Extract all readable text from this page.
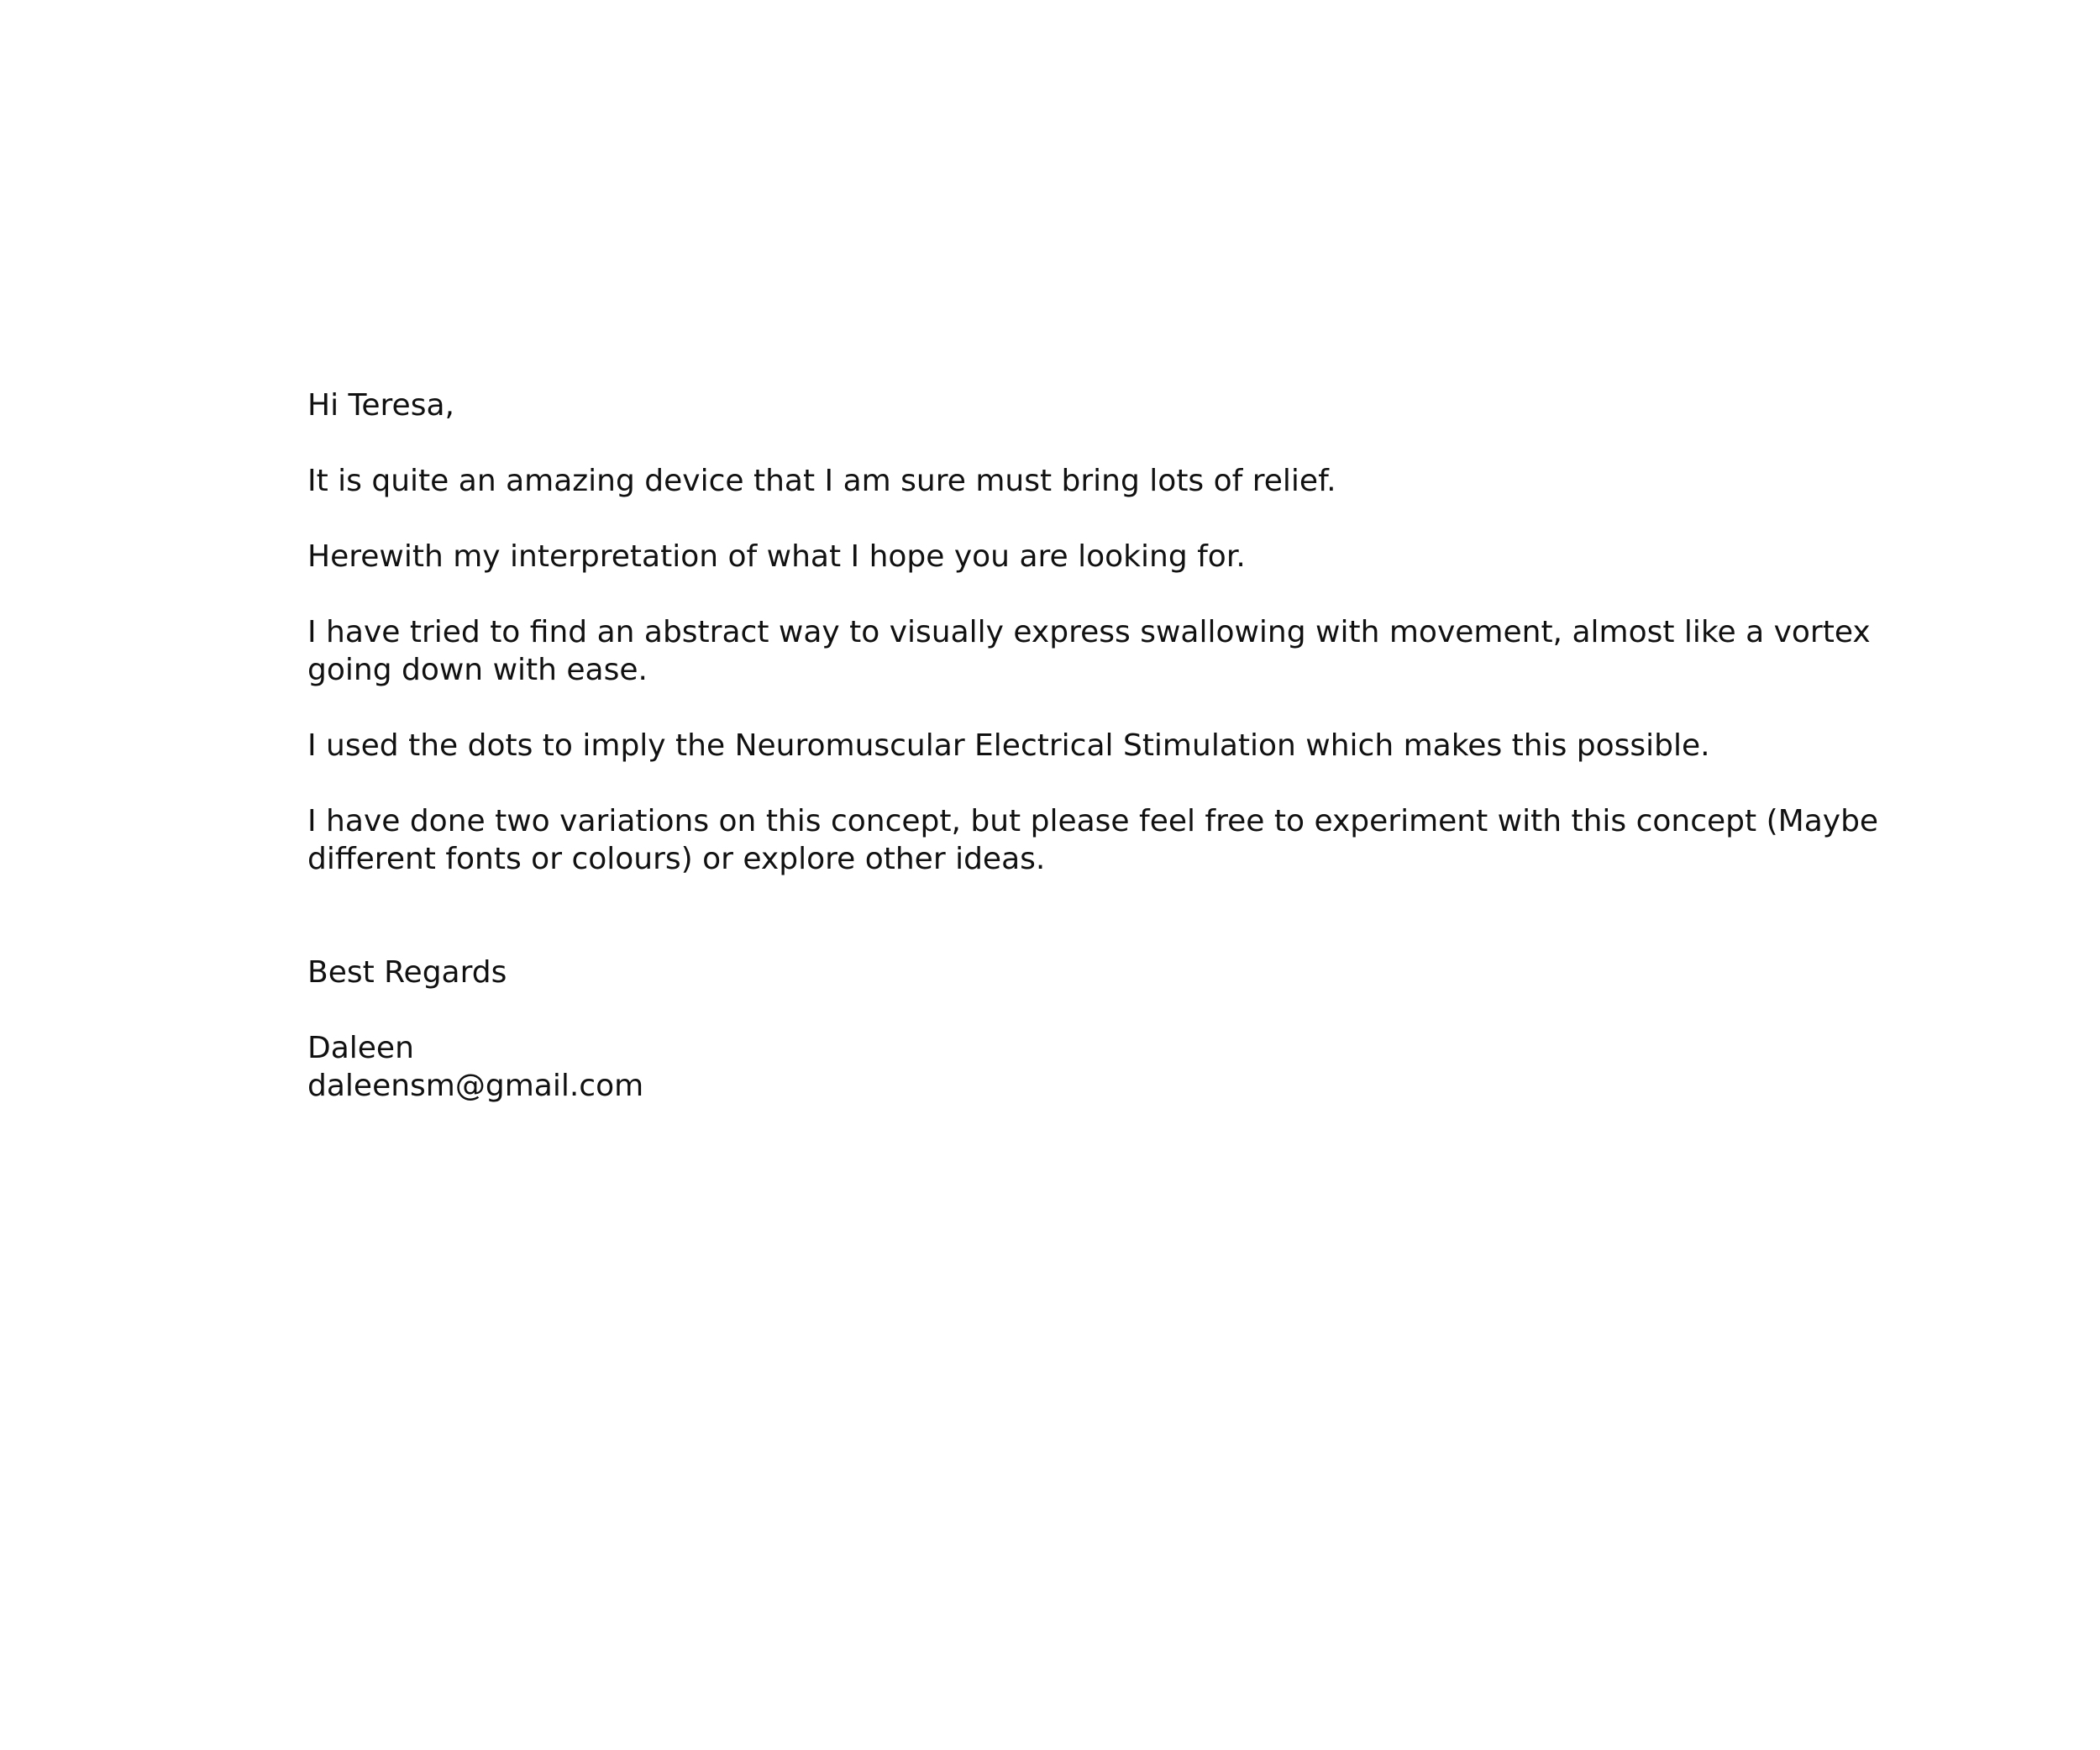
Hi Teresa,

It is quite an amazing device that I am sure must bring lots of relief.

Herewith my interpretation of what I hope you are looking for.

I have tried to find an abstract way to visually express swallowing with movement, almost like a vortex going down with ease.

I used the dots to imply the Neuromuscular Electrical Stimulation which makes this possible.

I have done two variations on this concept, but please feel free to experiment with this concept (Maybe different fonts or colours) or explore other ideas.

Best Regards

Daleen

daleensm@gmail.com
